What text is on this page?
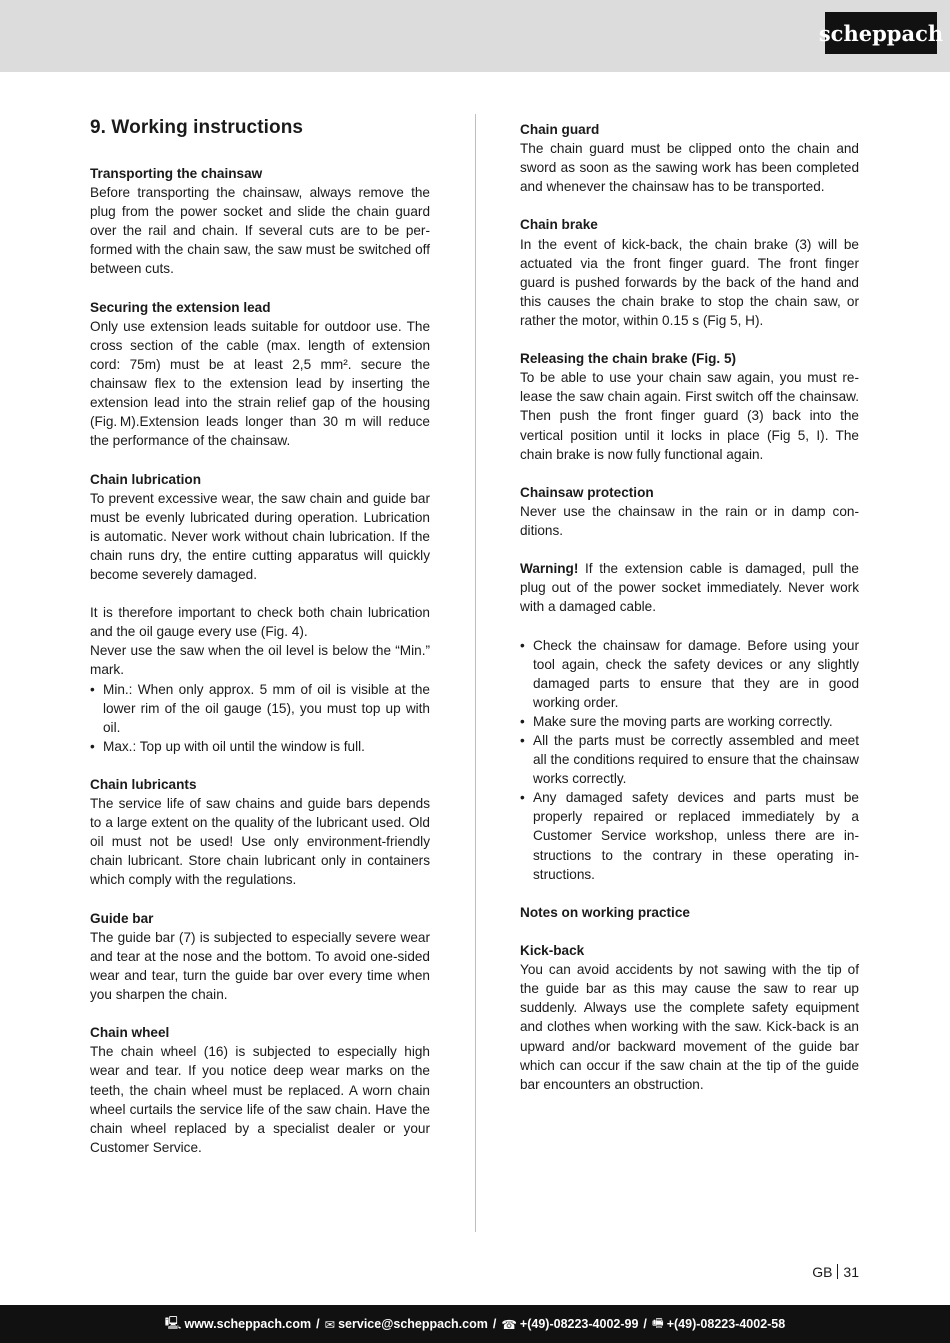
scheppach
9. Working instructions
Transporting the chainsaw

Before transporting the chainsaw, always remove the plug from the power socket and slide the chain guard over the rail and chain. If several cuts are to be performed with the chain saw, the saw must be switched off between cuts.

Securing the extension lead

Only use extension leads suitable for outdoor use. The cross section of the cable (max. length of extension cord: 75m) must be at least 2,5 mm². secure the chainsaw flex to the extension lead by inserting the extension lead into the strain relief gap of the housing (Fig. M).Extension leads longer than 30 m will reduce the performance of the chainsaw.

Chain lubrication

To prevent excessive wear, the saw chain and guide bar must be evenly lubricated during operation. Lubrication is automatic. Never work without chain lubrication. If the chain runs dry, the entire cutting apparatus will quickly become severely damaged.

It is therefore important to check both chain lubrication and the oil gauge every use (Fig. 4).

Never use the saw when the oil level is below the “Min.” mark.

• Min.: When only approx. 5 mm of oil is visible at the lower rim of the oil gauge (15), you must top up with oil.
• Max.: Top up with oil until the window is full.
Chain lubricants

The service life of saw chains and guide bars depends to a large extent on the quality of the lubricant used. Old oil must not be used! Use only environment-friendly chain lubricant. Store chain lubricant only in containers which comply with the regulations.

Guide bar

The guide bar (7) is subjected to especially severe wear and tear at the nose and the bottom. To avoid one-sided wear and tear, turn the guide bar over every time when you sharpen the chain.

Chain wheel

The chain wheel (16) is subjected to especially high wear and tear. If you notice deep wear marks on the teeth, the chain wheel must be replaced. A worn chain wheel curtails the service life of the saw chain. Have the chain wheel replaced by a specialist dealer or your Customer Service.

Chain guard

The chain guard must be clipped onto the chain and sword as soon as the sawing work has been completed and whenever the chainsaw has to be transported.

Chain brake

In the event of kick-back, the chain brake (3) will be actuated via the front finger guard. The front finger guard is pushed forwards by the back of the hand and this causes the chain brake to stop the chain saw, or rather the motor, within 0.15 s (Fig 5, H).

Releasing the chain brake (Fig. 5)

To be able to use your chain saw again, you must release the saw chain again. First switch off the chainsaw. Then push the front finger guard (3) back into the vertical position until it locks in place (Fig 5, I). The chain brake is now fully functional again.

Chainsaw protection

Never use the chainsaw in the rain or in damp conditions.

Warning! If the extension cable is damaged, pull the plug out of the power socket immediately. Never work with a damaged cable.

• Check the chainsaw for damage. Before using your tool again, check the safety devices or any slightly damaged parts to ensure that they are in good working order.
• Make sure the moving parts are working correctly.
• All the parts must be correctly assembled and meet all the conditions required to ensure that the chainsaw works correctly.
• Any damaged safety devices and parts must be properly repaired or replaced immediately by a Customer Service workshop, unless there are instructions to the contrary in these operating instructions.
Notes on working practice
Kick-back

You can avoid accidents by not sawing with the tip of the guide bar as this may cause the saw to rear up suddenly. Always use the complete safety equipment and clothes when working with the saw. Kick-back is an upward and/or backward movement of the guide bar which can occur if the saw chain at the tip of the guide bar encounters an obstruction.

GB 31
🖳 www.scheppach.com / ✉ service@scheppach.com / ☎ +(49)-08223-4002-99 / 🖷 +(49)-08223-4002-58
